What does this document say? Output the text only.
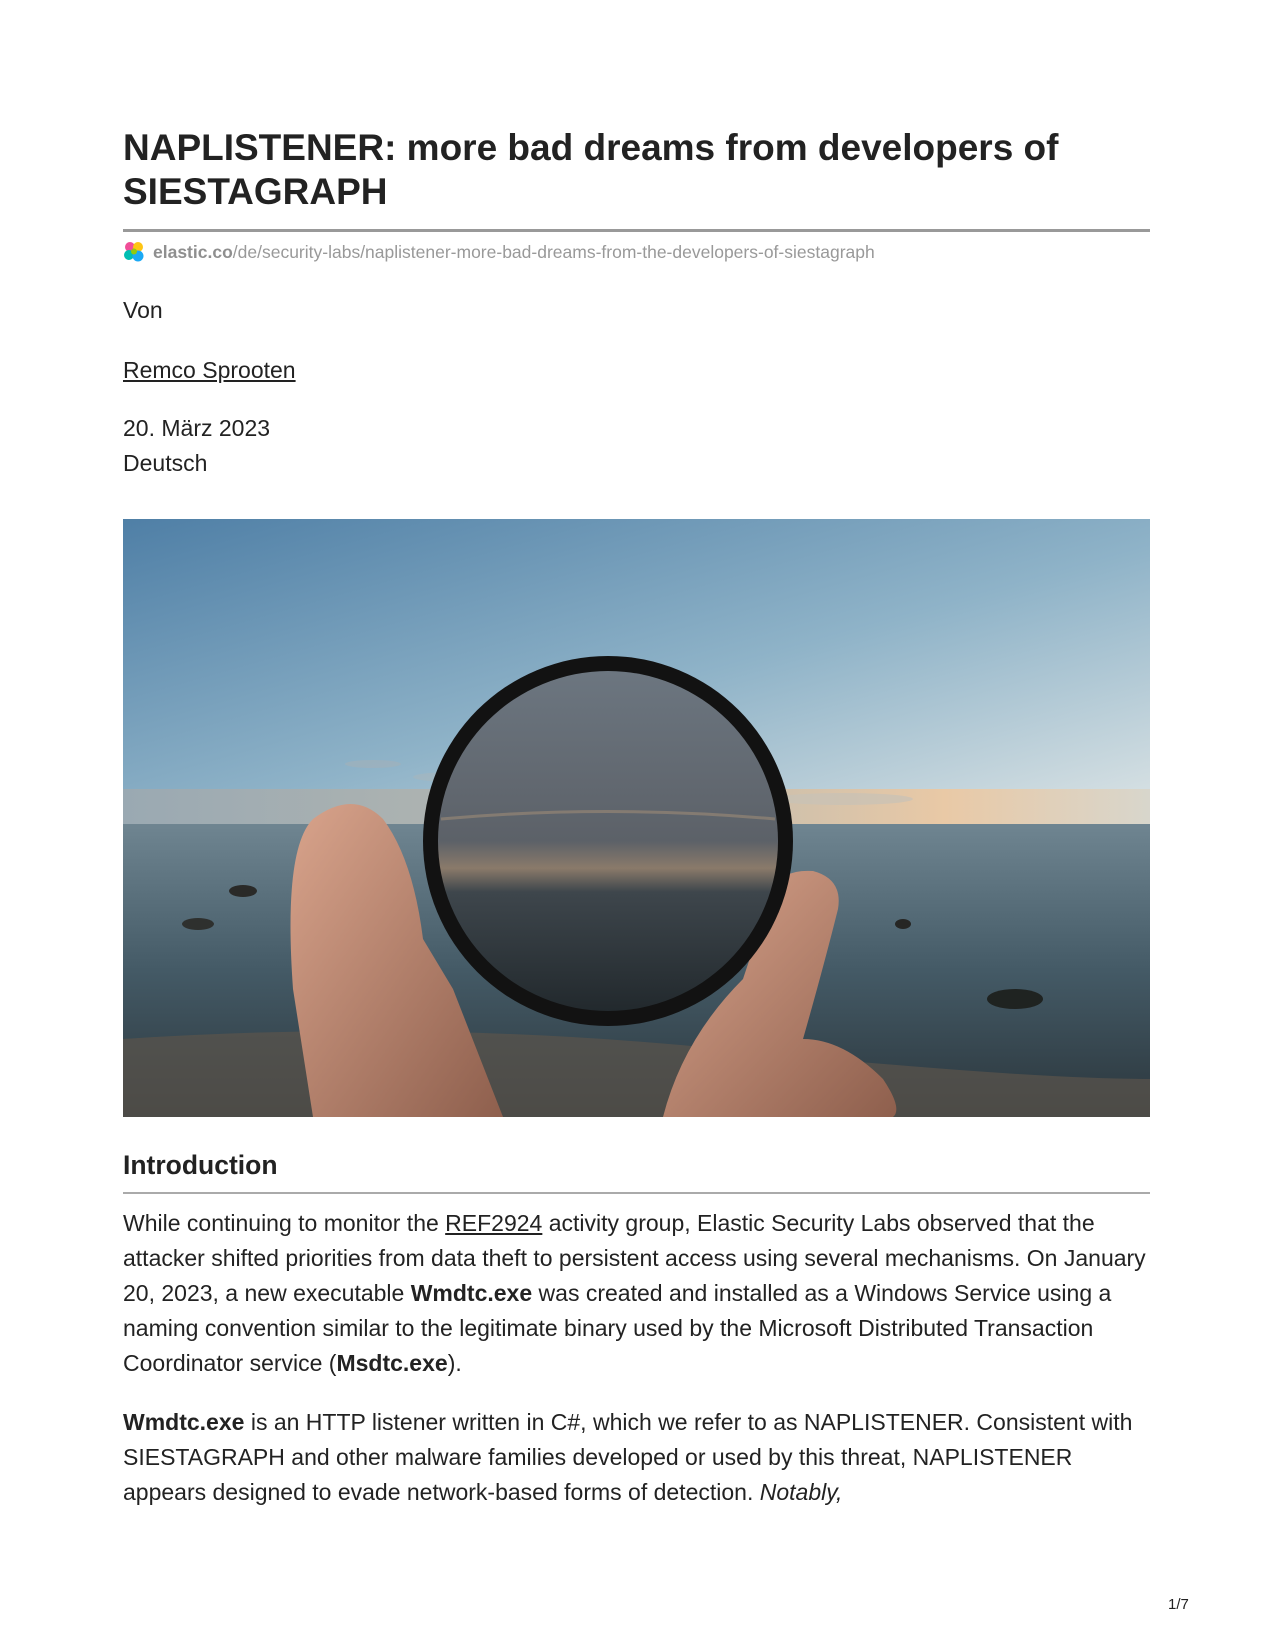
NAPLISTENER: more bad dreams from developers of SIESTAGRAPH
elastic.co /de/security-labs/naplistener-more-bad-dreams-from-the-developers-of-siestagraph

Von

Remco Sprooten

20. März 2023

Deutsch

Introduction

While continuing to monitor the REF2924 activity group, Elastic Security Labs observed that the attacker shifted priorities from data theft to persistent access using several mechanisms. On January 20, 2023, a new executable Wmdtc.exe was created and installed as a Windows Service using a naming convention similar to the legitimate binary used by the Microsoft Distributed Transaction Coordinator service (Msdtc.exe).

Wmdtc.exe is an HTTP listener written in C#, which we refer to as NAPLISTENER. Consistent with SIESTAGRAPH and other malware families developed or used by this threat, NAPLISTENER appears designed to evade network-based forms of detection. Notably,

1/7
